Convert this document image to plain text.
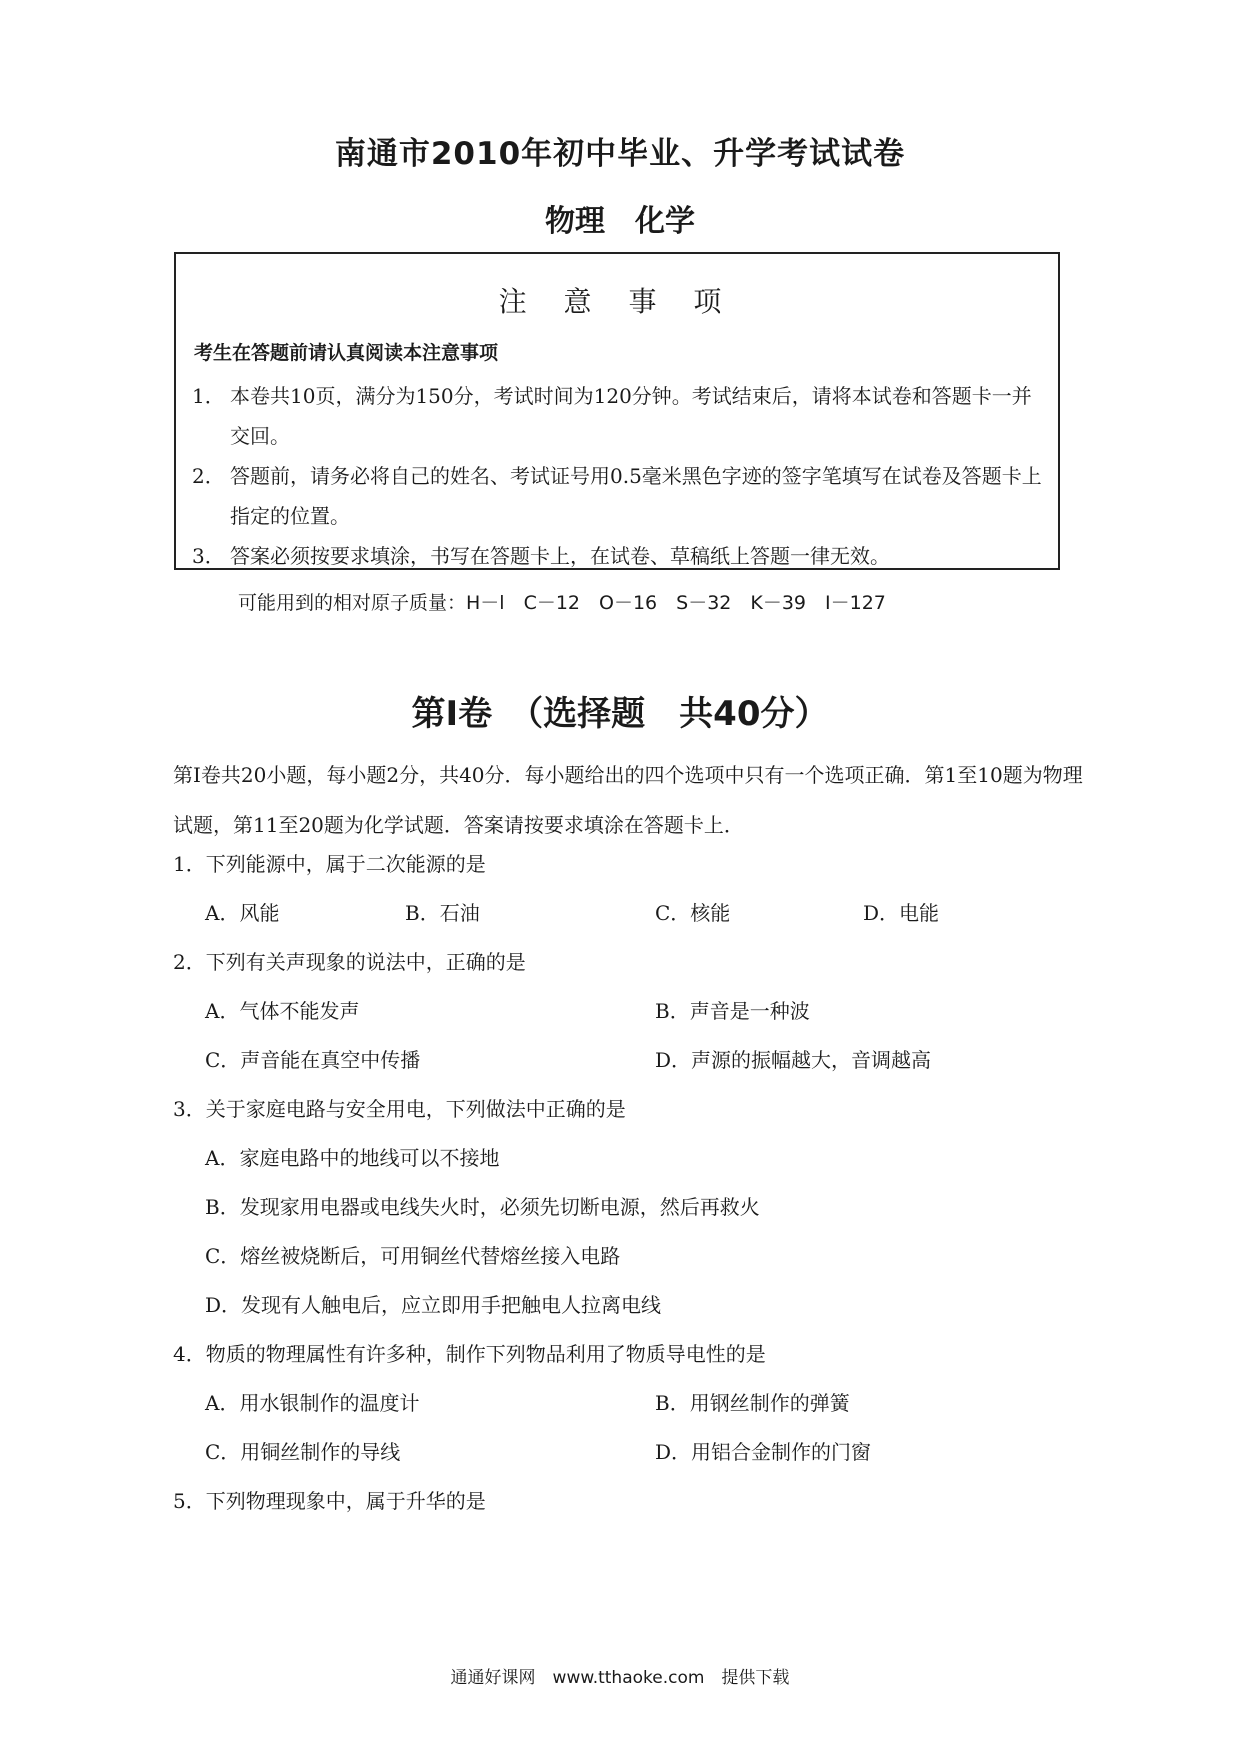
南通市2010年初中毕业、升学考试试卷
物理　化学
注 意 事 项
考生在答题前请认真阅读本注意事项
1． 本卷共10页，满分为150分，考试时间为120分钟。考试结束后，请将本试卷和答题卡一并交回。
2． 答题前，请务必将自己的姓名、考试证号用0.5毫米黑色字迹的签字笔填写在试卷及答题卡上指定的位置。
3． 答案必须按要求填涂，书写在答题卡上，在试卷、草稿纸上答题一律无效。
可能用到的相对原子质量：H－l　C－12　O－16　S－32　K－39　I－127
第Ⅰ卷　（选择题　共40分）
第Ⅰ卷共20小题，每小题2分，共40分．每小题给出的四个选项中只有一个选项正确．第1至10题为物理试题，第11至20题为化学试题．答案请按要求填涂在答题卡上．
1．下列能源中，属于二次能源的是
A．风能	B．石油	C．核能	D．电能
2．下列有关声现象的说法中，正确的是
A．气体不能发声	B．声音是一种波
C．声音能在真空中传播	D．声源的振幅越大，音调越高
3．关于家庭电路与安全用电，下列做法中正确的是
A．家庭电路中的地线可以不接地
B．发现家用电器或电线失火时，必须先切断电源，然后再救火
C．熔丝被烧断后，可用铜丝代替熔丝接入电路
D．发现有人触电后，应立即用手把触电人拉离电线
4．物质的物理属性有许多种，制作下列物品利用了物质导电性的是
A．用水银制作的温度计	B．用钢丝制作的弹簧
C．用铜丝制作的导线	D．用铝合金制作的门窗
5．下列物理现象中，属于升华的是
通通好课网　www.tthaoke.com　提供下载
